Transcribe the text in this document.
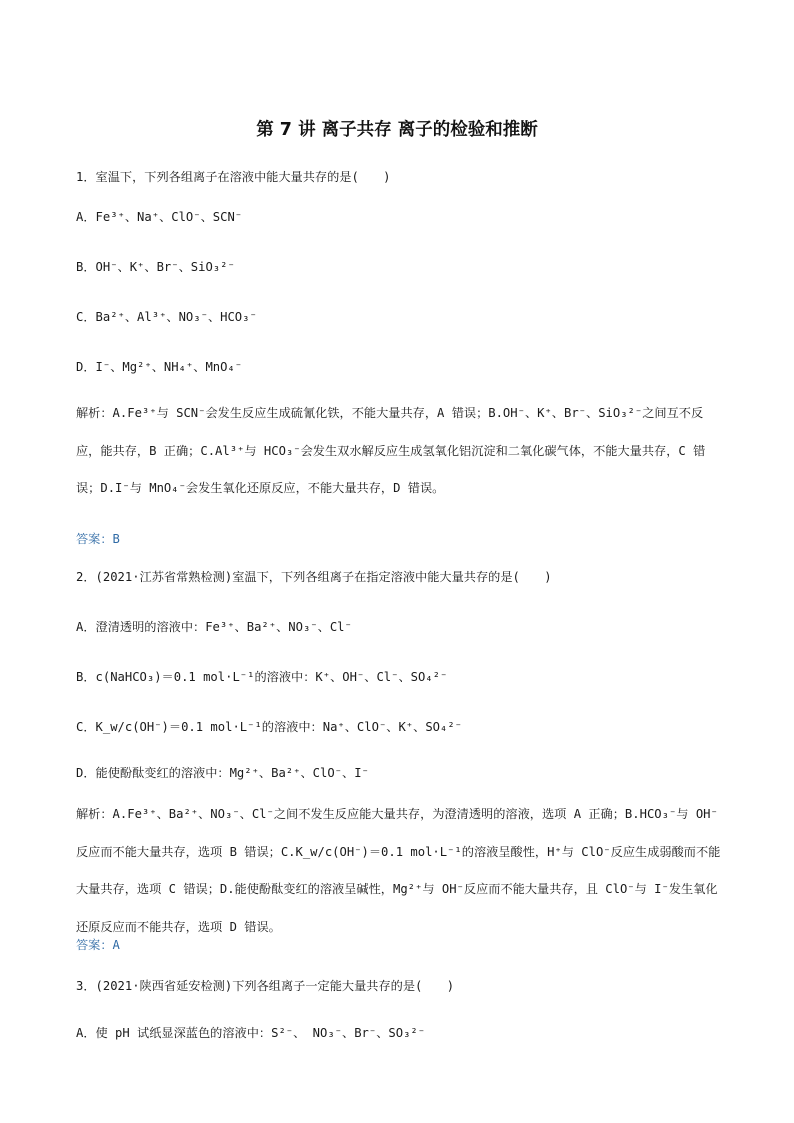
第 7 讲 离子共存 离子的检验和推断
1．室温下，下列各组离子在溶液中能大量共存的是(　　)
A．Fe³⁺、Na⁺、ClO⁻、SCN⁻
B．OH⁻、K⁺、Br⁻、SiO₃²⁻
C．Ba²⁺、Al³⁺、NO₃⁻、HCO₃⁻
D．I⁻、Mg²⁺、NH₄⁺、MnO₄⁻
解析：A.Fe³⁺与 SCN⁻会发生反应生成硫氰化铁，不能大量共存，A 错误；B.OH⁻、K⁺、Br⁻、SiO₃²⁻之间互不反应，能共存，B 正确；C.Al³⁺与 HCO₃⁻会发生双水解反应生成氢氧化铝沉淀和二氧化碳气体，不能大量共存，C 错误；D.I⁻与 MnO₄⁻会发生氧化还原反应，不能大量共存，D 错误。
答案：B
2．(2021·江苏省常熟检测)室温下，下列各组离子在指定溶液中能大量共存的是(　　)
A．澄清透明的溶液中：Fe³⁺、Ba²⁺、NO₃⁻、Cl⁻
B．c(NaHCO₃)＝0.1 mol·L⁻¹的溶液中：K⁺、OH⁻、Cl⁻、SO₄²⁻
C．K_w/c(OH⁻)＝0.1 mol·L⁻¹的溶液中：Na⁺、ClO⁻、K⁺、SO₄²⁻
D．能使酚酞变红的溶液中：Mg²⁺、Ba²⁺、ClO⁻、I⁻
解析：A.Fe³⁺、Ba²⁺、NO₃⁻、Cl⁻之间不发生反应能大量共存，为澄清透明的溶液，选项 A 正确；B.HCO₃⁻与 OH⁻反应而不能大量共存，选项 B 错误；C.K_w/c(OH⁻)＝0.1 mol·L⁻¹的溶液呈酸性，H⁺与 ClO⁻反应生成弱酸而不能大量共存，选项 C 错误；D.能使酚酞变红的溶液呈碱性，Mg²⁺与 OH⁻反应而不能大量共存，且 ClO⁻与 I⁻发生氧化还原反应而不能共存，选项 D 错误。
答案：A
3．(2021·陕西省延安检测)下列各组离子一定能大量共存的是(　　)
A．使 pH 试纸显深蓝色的溶液中：S²⁻、 NO₃⁻、Br⁻、SO₃²⁻
